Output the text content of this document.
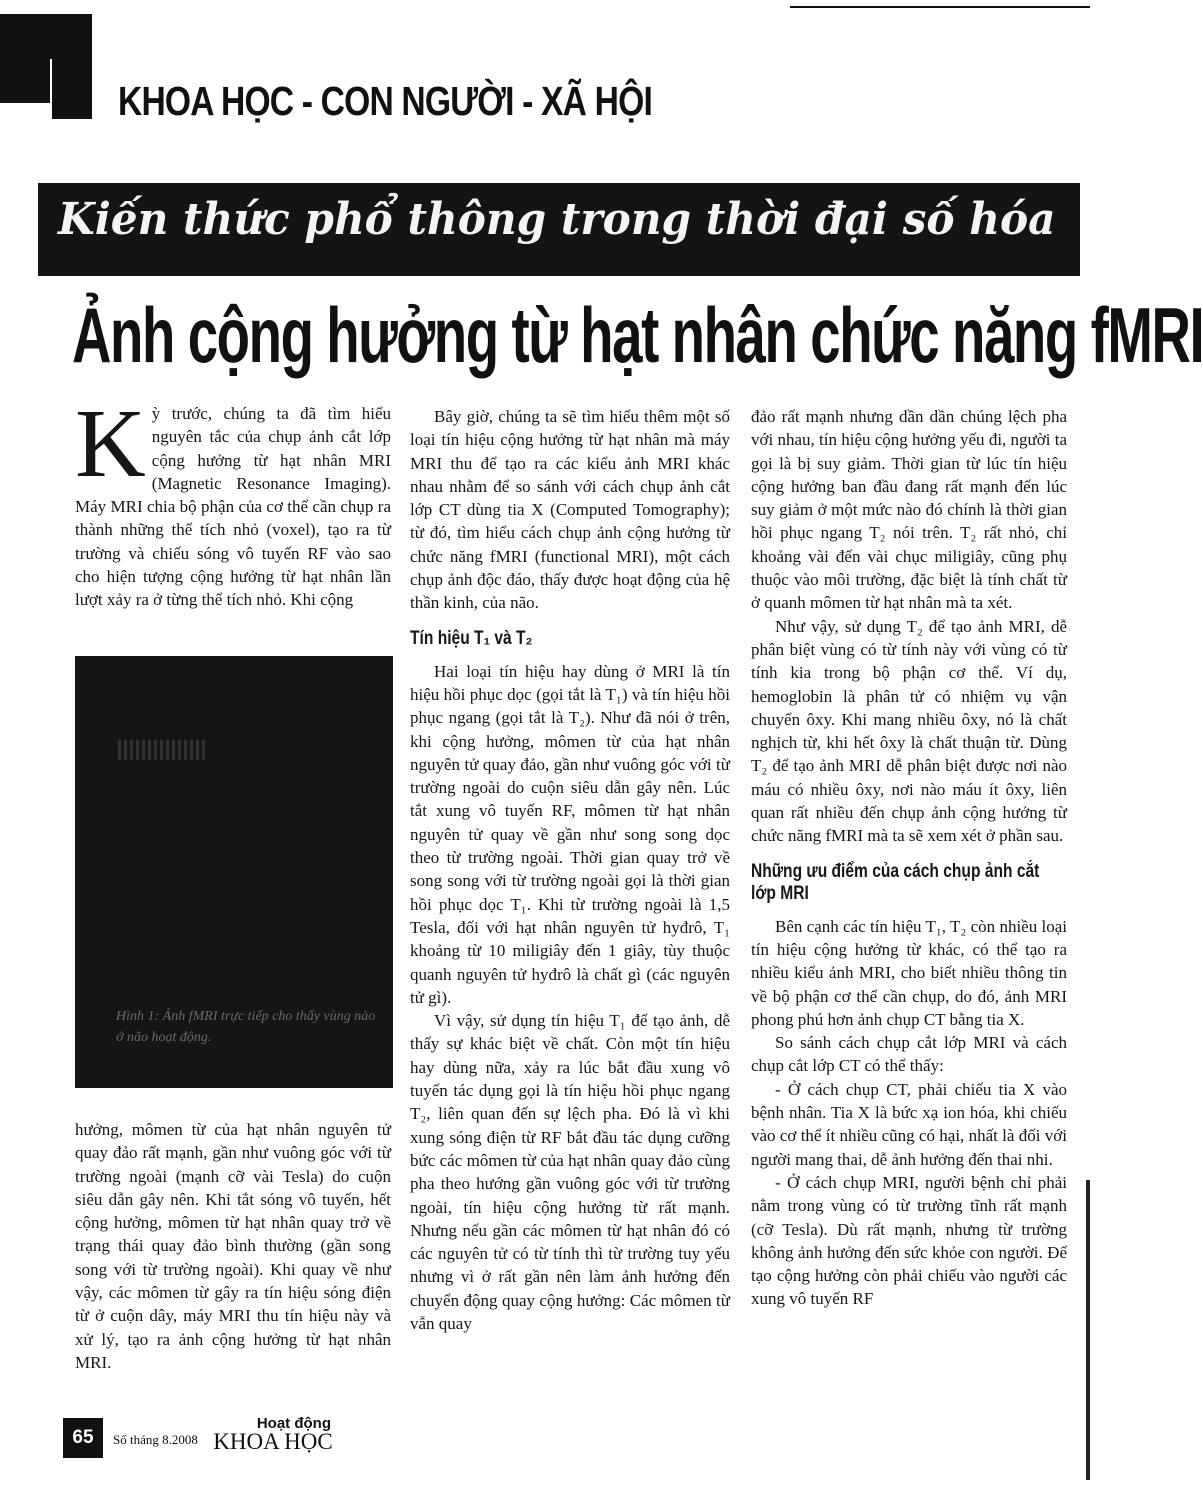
KHOA HỌC - CON NGƯỜI - XÃ HỘI
Kiến thức phổ thông trong thời đại số hóa
Ảnh cộng hưởng từ hạt nhân chức năng fMRI
K ỳ trước, chúng ta đã tìm hiểu nguyên tắc của chụp ảnh cắt lớp cộng hưởng từ hạt nhân MRI (Magnetic Resonance Imaging). Máy MRI chia bộ phận của cơ thể cần chụp ra thành những thể tích nhỏ (voxel), tạo ra từ trường và chiếu sóng vô tuyến RF vào sao cho hiện tượng cộng hưởng từ hạt nhân lần lượt xảy ra ở từng thể tích nhỏ. Khi cộng

Hình 1: Ảnh fMRI trực tiếp cho thấy vùng nào ở não hoạt động.

hưởng, mômen từ của hạt nhân nguyên tử quay đảo rất mạnh, gần như vuông góc với từ trường ngoài (mạnh cỡ vài Tesla) do cuộn siêu dẫn gây nên. Khi tắt sóng vô tuyến, hết cộng hưởng, mômen từ hạt nhân quay trở về trạng thái quay đảo bình thường (gần song song với từ trường ngoài). Khi quay về như vậy, các mômen từ gây ra tín hiệu sóng điện từ ở cuộn dây, máy MRI thu tín hiệu này và xử lý, tạo ra ảnh cộng hưởng từ hạt nhân MRI.

Bây giờ, chúng ta sẽ tìm hiểu thêm một số loại tín hiệu cộng hưởng từ hạt nhân mà máy MRI thu để tạo ra các kiểu ảnh MRI khác nhau nhằm để so sánh với cách chụp ảnh cắt lớp CT dùng tia X (Computed Tomography); từ đó, tìm hiểu cách chụp ảnh cộng hưởng từ chức năng fMRI (functional MRI), một cách chụp ảnh độc đáo, thấy được hoạt động của hệ thần kinh, của não.

Tín hiệu T₁ và T₂

Hai loại tín hiệu hay dùng ở MRI là tín hiệu hồi phục dọc (gọi tắt là T₁) và tín hiệu hồi phục ngang (gọi tắt là T₂). Như đã nói ở trên, khi cộng hưởng, mômen từ của hạt nhân nguyên tử quay đảo, gần như vuông góc với từ trường ngoài do cuộn siêu dẫn gây nên. Lúc tắt xung vô tuyến RF, mômen từ hạt nhân nguyên tử quay về gần như song song dọc theo từ trường ngoài. Thời gian quay trở về song song với từ trường ngoài gọi là thời gian hồi phục dọc T₁. Khi từ trường ngoài là 1,5 Tesla, đối với hạt nhân nguyên tử hyđrô, T₁ khoảng từ 10 miligiây đến 1 giây, tùy thuộc quanh nguyên tử hyđrô là chất gì (các nguyên tử gì).

Vì vậy, sử dụng tín hiệu T₁ để tạo ảnh, dễ thấy sự khác biệt về chất. Còn một tín hiệu hay dùng nữa, xảy ra lúc bắt đầu xung vô tuyến tác dụng gọi là tín hiệu hồi phục ngang T₂, liên quan đến sự lệch pha. Đó là vì khi xung sóng điện từ RF bắt đầu tác dụng cưỡng bức các mômen từ của hạt nhân quay đảo cùng pha theo hướng gần vuông góc với từ trường ngoài, tín hiệu cộng hưởng từ rất mạnh. Nhưng nếu gần các mômen từ hạt nhân đó có các nguyên tử có từ tính thì từ trường tuy yếu nhưng vì ở rất gần nên làm ảnh hưởng đến chuyển động quay cộng hưởng: Các mômen từ vẫn quay

đảo rất mạnh nhưng dần dần chúng lệch pha với nhau, tín hiệu cộng hưởng yếu đi, người ta gọi là bị suy giảm. Thời gian từ lúc tín hiệu cộng hưởng ban đầu đang rất mạnh đến lúc suy giảm ở một mức nào đó chính là thời gian hồi phục ngang T₂ nói trên. T₂ rất nhỏ, chỉ khoảng vài đến vài chục miligiây, cũng phụ thuộc vào môi trường, đặc biệt là tính chất từ ở quanh mômen từ hạt nhân mà ta xét.

Như vậy, sử dụng T₂ để tạo ảnh MRI, dễ phân biệt vùng có từ tính này với vùng có từ tính kia trong bộ phận cơ thể. Ví dụ, hemoglobin là phân tử có nhiệm vụ vận chuyển ôxy. Khi mang nhiều ôxy, nó là chất nghịch từ, khi hết ôxy là chất thuận từ. Dùng T₂ để tạo ảnh MRI dễ phân biệt được nơi nào máu có nhiều ôxy, nơi nào máu ít ôxy, liên quan rất nhiều đến chụp ảnh cộng hưởng từ chức năng fMRI mà ta sẽ xem xét ở phần sau.

Những ưu điểm của cách chụp ảnh cắt lớp MRI

Bên cạnh các tín hiệu T₁, T₂ còn nhiều loại tín hiệu cộng hưởng từ khác, có thể tạo ra nhiều kiểu ảnh MRI, cho biết nhiều thông tin về bộ phận cơ thể cần chụp, do đó, ảnh MRI phong phú hơn ảnh chụp CT bằng tia X.

So sánh cách chụp cắt lớp MRI và cách chụp cắt lớp CT có thể thấy:

- Ở cách chụp CT, phải chiếu tia X vào bệnh nhân. Tia X là bức xạ ion hóa, khi chiếu vào cơ thể ít nhiều cũng có hại, nhất là đối với người mang thai, dễ ảnh hưởng đến thai nhi.

- Ở cách chụp MRI, người bệnh chỉ phải nằm trong vùng có từ trường tĩnh rất mạnh (cỡ Tesla). Dù rất mạnh, nhưng từ trường không ảnh hưởng đến sức khỏe con người. Để tạo cộng hưởng còn phải chiếu vào người các xung vô tuyến RF

65	Số tháng 8.2008
Hoạt động
KHOA HỌC
